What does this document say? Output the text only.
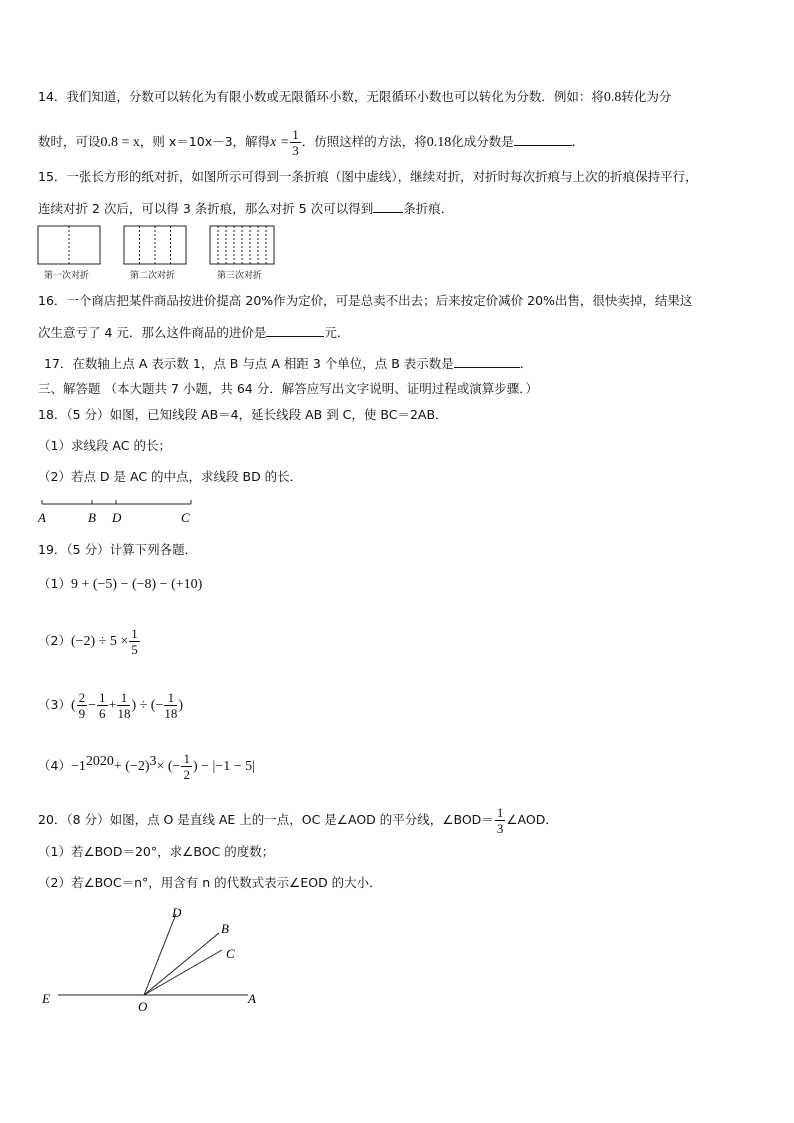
14．我们知道，分数可以转化为有限小数或无限循环小数，无限循环小数也可以转化为分数．例如：将0.8转化为分
数时，可设0.8 = x，则 x＝10x－3，解得$x = \frac{1}{3}$ ．仿照这样的方法，将0.18化成分数是	．
15．一张长方形的纸对折，如图所示可得到一条折痕（图中虚线），继续对折，对折时每次折痕与上次的折痕保持平行，
连续对折 2 次后，可以得 3 条折痕，那么对折 5 次可以得到 条折痕．
第一次对折	第二次对折	第三次对折
16．一个商店把某件商品按进价提高 20%作为定价，可是总卖不出去；后来按定价减价 20%出售，很快卖掉，结果这
次生意亏了 4 元．那么这件商品的进价是	元．
17．在数轴上点 A 表示数 1，点 B 与点 A 相距 3 个单位，点 B 表示数是	．
三、解答题 （本大题共 7 小题，共 64 分．解答应写出文字说明、证明过程或演算步骤．）
18．（5 分）如图，已知线段 AB＝4，延长线段 AB 到 C，使 BC＝2AB．
（1）求线段 AC 的长；
（2）若点 D 是 AC 的中点，求线段 BD 的长．
A	B D	C
19．（5 分）计算下列各题．
（1）9 + (−5) − (−8) − (+10)
$(2)(-2) \div 5 \times \frac{1}{5}$
$(3)( \frac{2}{9} - \frac{1}{6} + \frac{1}{18}$ ) ÷ (− $\frac{1}{18}$ )
$(4)-1^{2020}+ (-2)^3\times$ (− $\frac{1}{2}$ ) − |−1 − 5|
20．（8 分）如图，点 O 是直线 AE 上的一点，OC 是∠AOD 的平分线，∠BOD＝ $\frac{1}{3}$ ∠AOD．
（1）若∠BOD＝20°，求∠BOC 的度数；
（2）若∠BOC＝n°，用含有 n 的代数式表示∠EOD 的大小．
D
B
C
E
O
A
